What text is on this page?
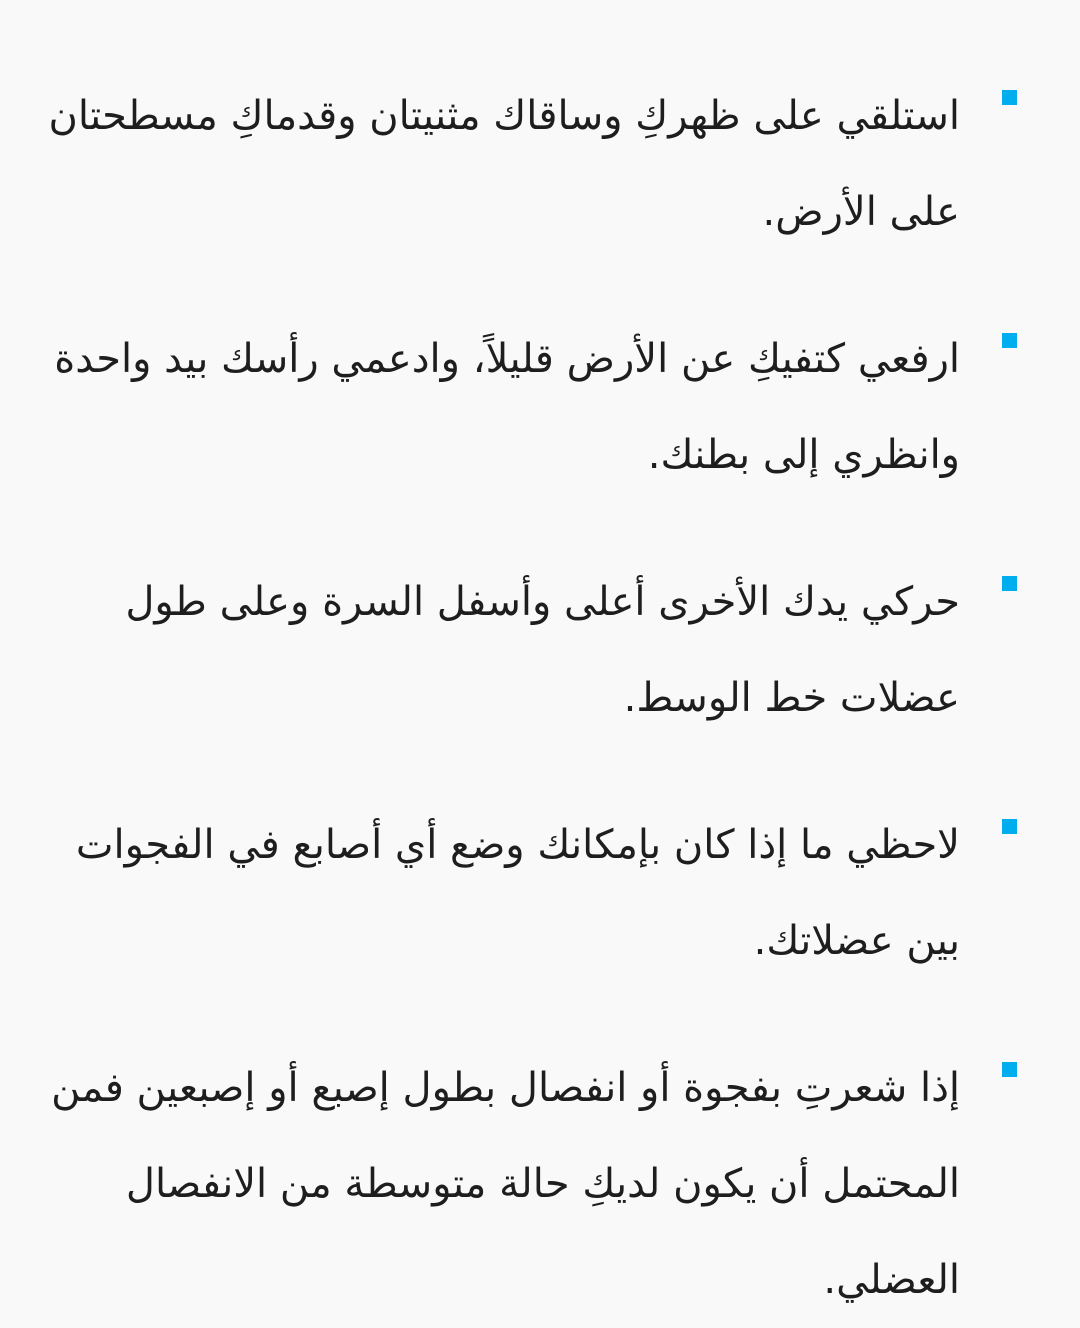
استلقي على ظهركِ وساقاك مثنيتان وقدماكِ مسطحتان على الأرض.
ارفعي كتفيكِ عن الأرض قليلاً، وادعمي رأسك بيد واحدة وانظري إلى بطنك.
حركي يدك الأخرى أعلى وأسفل السرة وعلى طول عضلات خط الوسط.
لاحظي ما إذا كان بإمكانك وضع أي أصابع في الفجوات بين عضلاتك.
إذا شعرتِ بفجوة أو انفصال بطول إصبع أو إصبعين فمن المحتمل أن يكون لديكِ حالة متوسطة من الانفصال العضلي.
